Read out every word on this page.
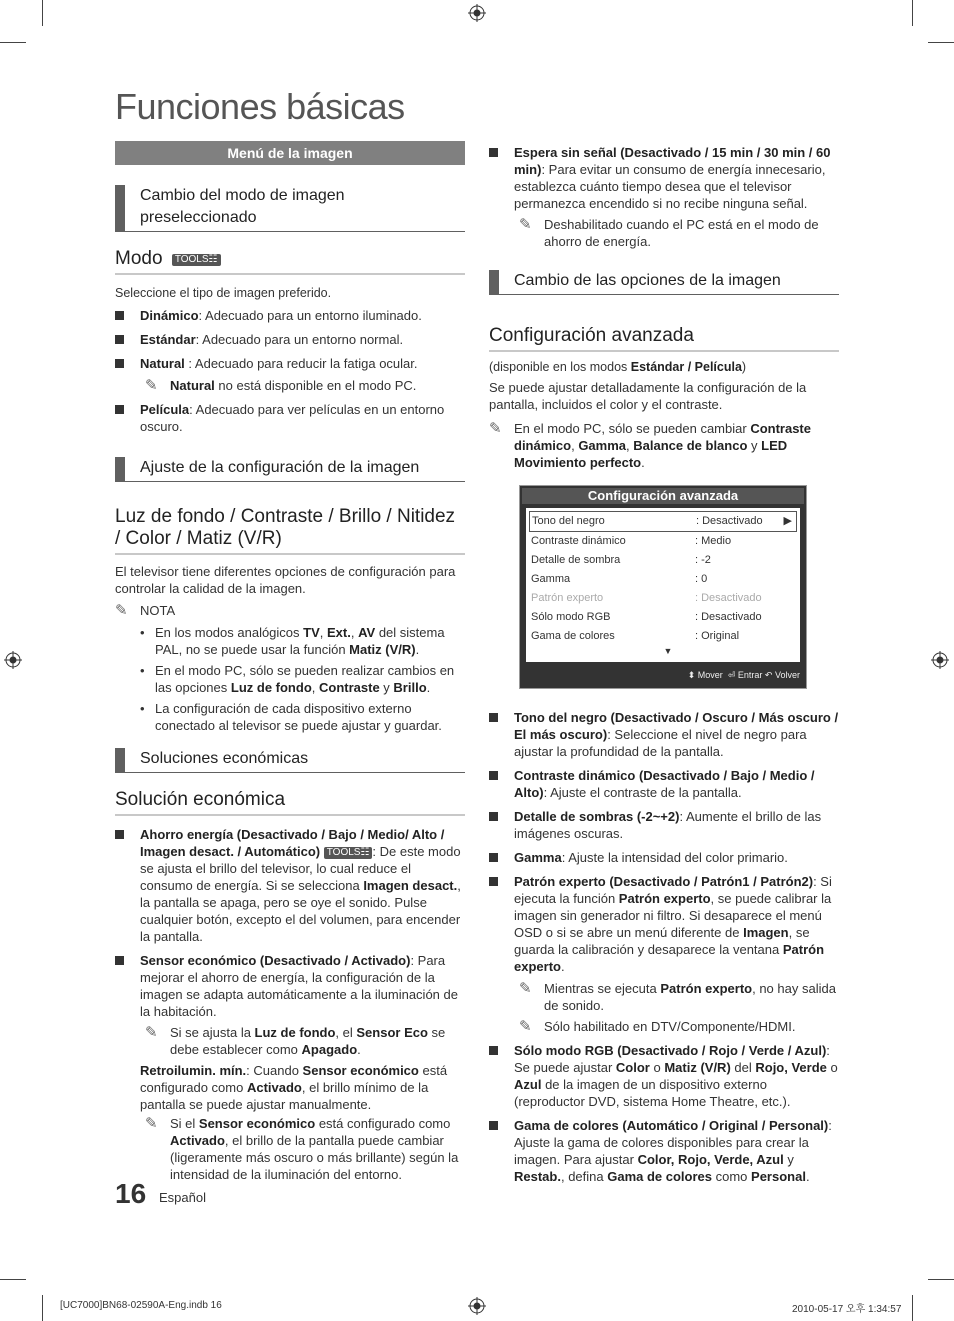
Funciones básicas
Menú de la imagen
Cambio del modo de imagen preseleccionado
Modo TOOLS☷

Seleccione el tipo de imagen preferido.

Dinámico: Adecuado para un entorno iluminado.
Estándar: Adecuado para un entorno normal.
Natural : Adecuado para reducir la fatiga ocular.
✎ Natural no está disponible en el modo PC.
Película: Adecuado para ver películas en un entorno oscuro.
Ajuste de la configuración de la imagen
Luz de fondo / Contraste / Brillo / Nitidez / Color / Matiz (V/R)

El televisor tiene diferentes opciones de configuración para controlar la calidad de la imagen.

✎ NOTA
• En los modos analógicos TV, Ext., AV del sistema PAL, no se puede usar la función Matiz (V/R).
• En el modo PC, sólo se pueden realizar cambios en las opciones Luz de fondo, Contraste y Brillo.
• La configuración de cada dispositivo externo conectado al televisor se puede ajustar y guardar.
Soluciones económicas
Solución económica
Ahorro energía (Desactivado / Bajo / Medio/ Alto / Imagen desact. / Automático) TOOLS☷ : De este modo se ajusta el brillo del televisor, lo cual reduce el consumo de energía. Si se selecciona Imagen desact., la pantalla se apaga, pero se oye el sonido. Pulse cualquier botón, excepto el del volumen, para encender la pantalla.
Sensor económico (Desactivado / Activado): Para mejorar el ahorro de energía, la configuración de la imagen se adapta automáticamente a la iluminación de la habitación.
✎ Si se ajusta la Luz de fondo, el Sensor Eco se debe establecer como Apagado.
Retroilumin. mín.: Cuando Sensor económico está configurado como Activado, el brillo mínimo de la pantalla se puede ajustar manualmente.
✎ Si el Sensor económico está configurado como Activado, el brillo de la pantalla puede cambiar (ligeramente más oscuro o más brillante) según la intensidad de la iluminación del entorno.
Espera sin señal (Desactivado / 15 min / 30 min / 60 min): Para evitar un consumo de energía innecesario, establezca cuánto tiempo desea que el televisor permanezca encendido si no recibe ninguna señal.
✎ Deshabilitado cuando el PC está en el modo de ahorro de energía.
Cambio de las opciones de la imagen
Configuración avanzada

(disponible en los modos Estándar / Película)

Se puede ajustar detalladamente la configuración de la pantalla, incluidos el color y el contraste.

✎ En el modo PC, sólo se pueden cambiar Contraste dinámico, Gamma, Balance de blanco y LED Movimiento perfecto.
Configuración avanzada
Tono del negro	: Desactivado ▶
Contraste dinámico	: Medio
Detalle de sombra	: -2
Gamma	: 0
Patrón experto	: Desactivado
Sólo modo RGB	: Desactivado
Gama de colores	: Original
▼
⬍ Mover ⏎ Entrar ↶ Volver
Tono del negro (Desactivado / Oscuro / Más oscuro / El más oscuro): Seleccione el nivel de negro para ajustar la profundidad de la pantalla.
Contraste dinámico (Desactivado / Bajo / Medio / Alto): Ajuste el contraste de la pantalla.
Detalle de sombras (-2~+2): Aumente el brillo de las imágenes oscuras.
Gamma: Ajuste la intensidad del color primario.
Patrón experto (Desactivado / Patrón1 / Patrón2): Si ejecuta la función Patrón experto, se puede calibrar la imagen sin generador ni filtro. Si desaparece el menú OSD o si se abre un menú diferente de Imagen, se guarda la calibración y desaparece la ventana Patrón experto.
✎ Mientras se ejecuta Patrón experto, no hay salida de sonido.
✎ Sólo habilitado en DTV/Componente/HDMI.
Sólo modo RGB (Desactivado / Rojo / Verde / Azul): Se puede ajustar Color o Matiz (V/R) del Rojo, Verde o Azul de la imagen de un dispositivo externo (reproductor DVD, sistema Home Theatre, etc.).
Gama de colores (Automático / Original / Personal): Ajuste la gama de colores disponibles para crear la imagen. Para ajustar Color, Rojo, Verde, Azul y Restab., defina Gama de colores como Personal.
16 Español
[UC7000]BN68-02590A-Eng.indb 16	2010-05-17 오후 1:34:57
